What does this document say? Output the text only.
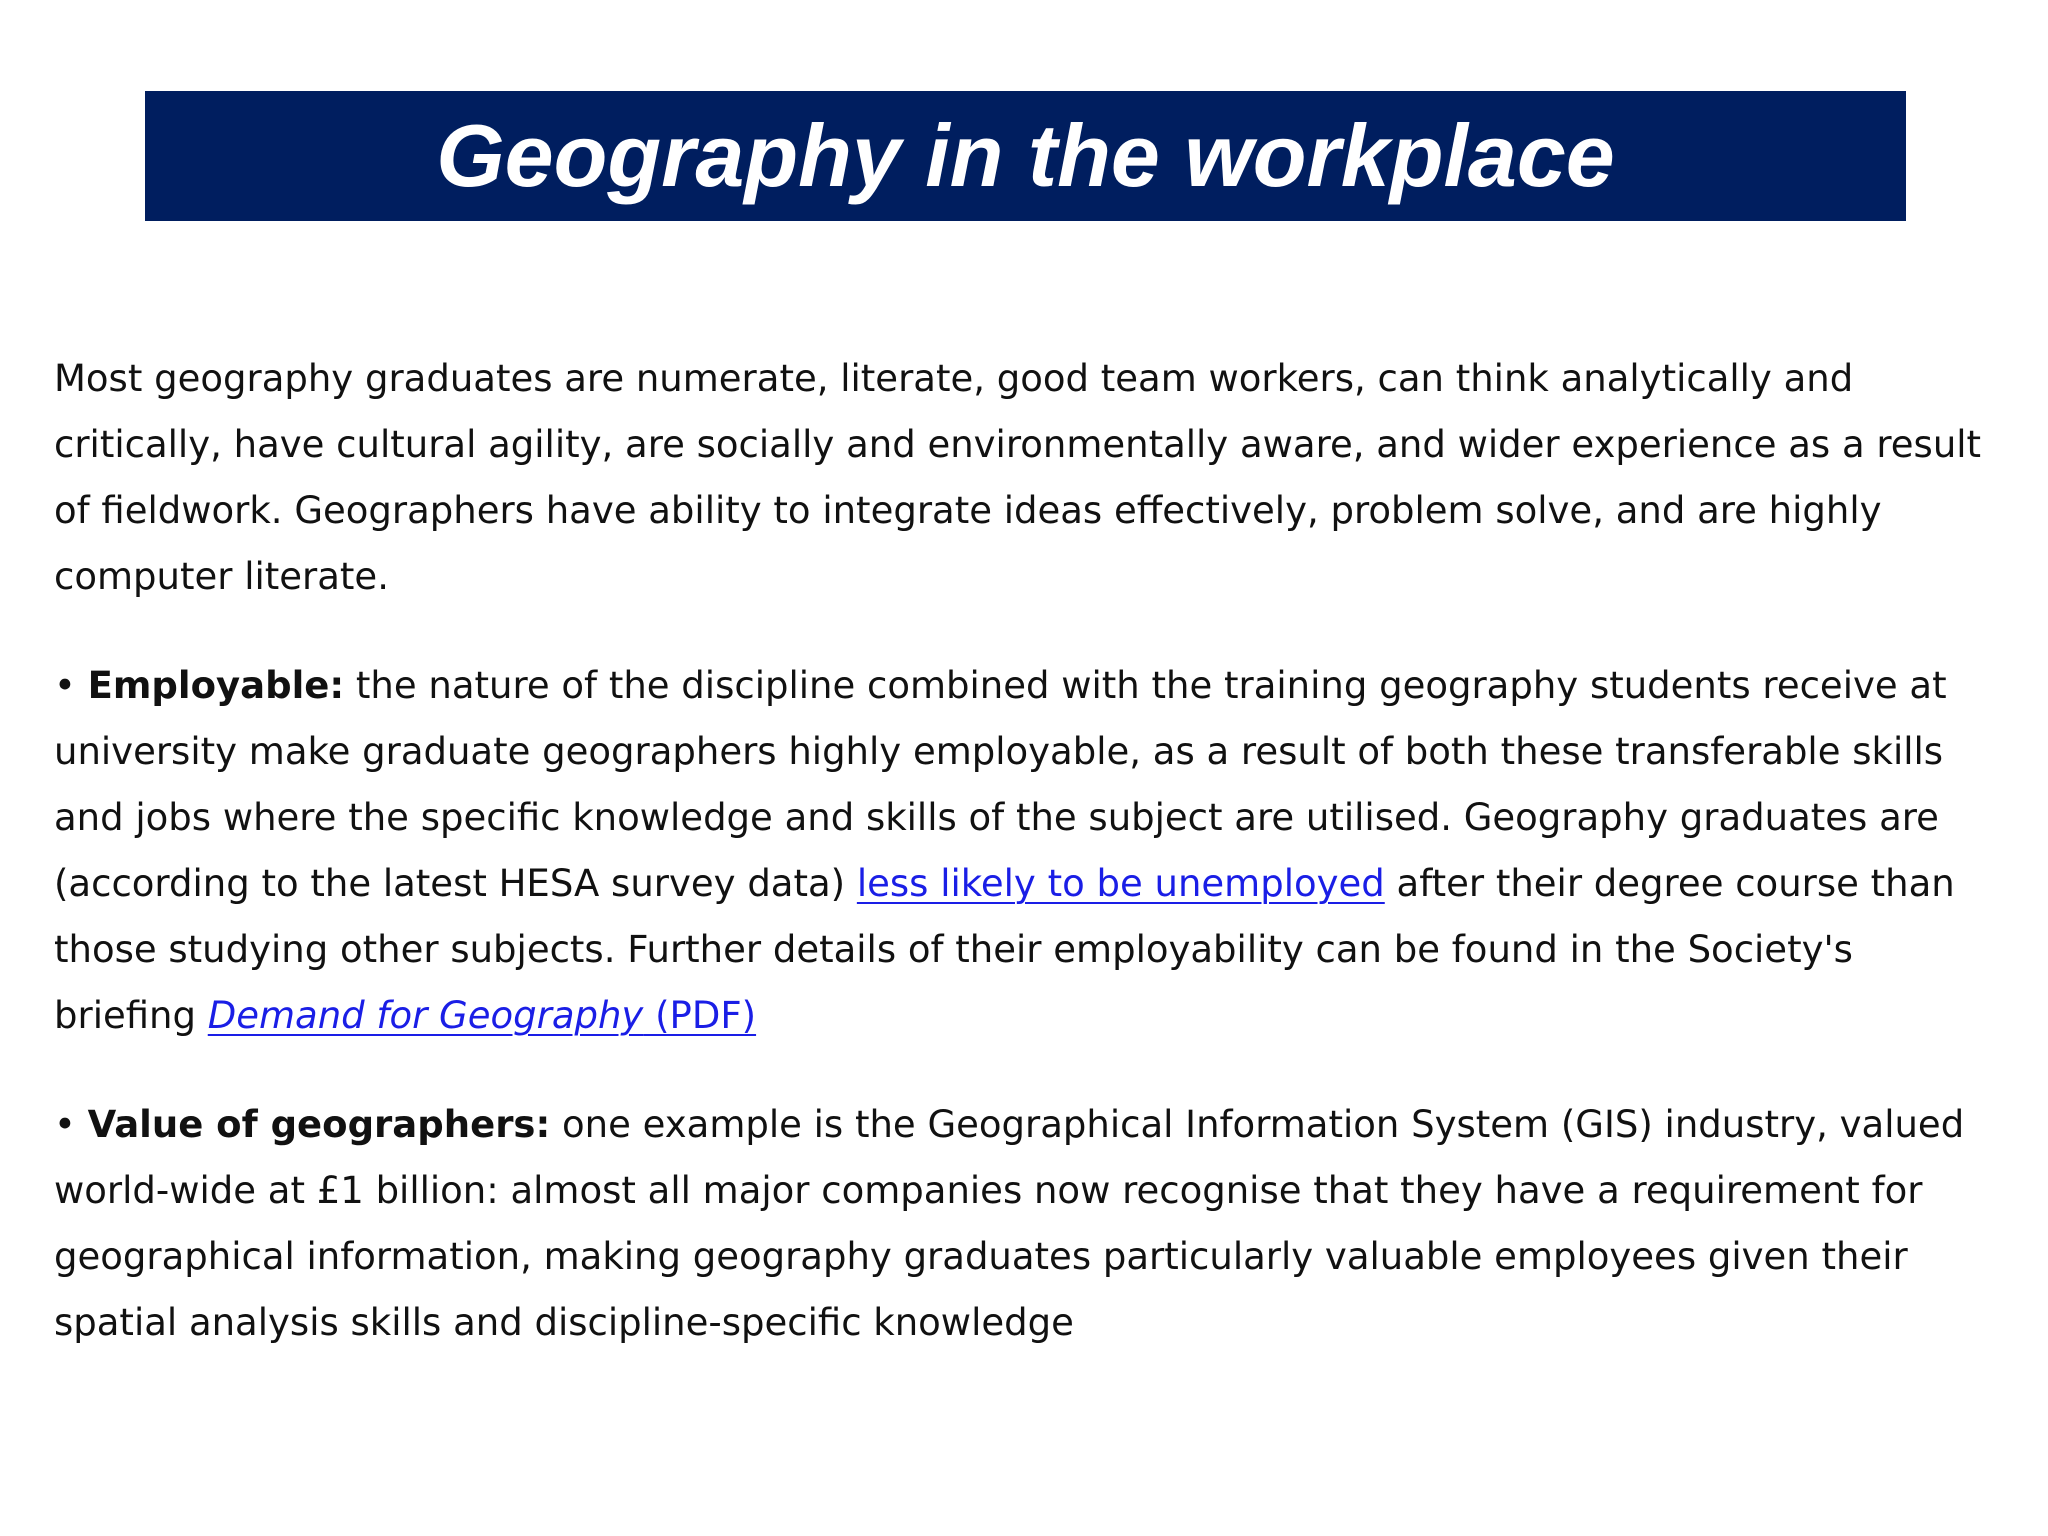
Geography in the workplace

Most geography graduates are numerate, literate, good team workers, can think analytically and critically, have cultural agility, are socially and environmentally aware, and wider experience as a result of fieldwork. Geographers have ability to integrate ideas effectively, problem solve, and are highly computer literate.

• Employable: the nature of the discipline combined with the training geography students receive at university make graduate geographers highly employable, as a result of both these transferable skills and jobs where the specific knowledge and skills of the subject are utilised. Geography graduates are (according to the latest HESA survey data) less likely to be unemployed after their degree course than those studying other subjects. Further details of their employability can be found in the Society's briefing Demand for Geography (PDF)

• Value of geographers: one example is the Geographical Information System (GIS) industry, valued world-wide at £1 billion: almost all major companies now recognise that they have a requirement for geographical information, making geography graduates particularly valuable employees given their spatial analysis skills and discipline-specific knowledge
